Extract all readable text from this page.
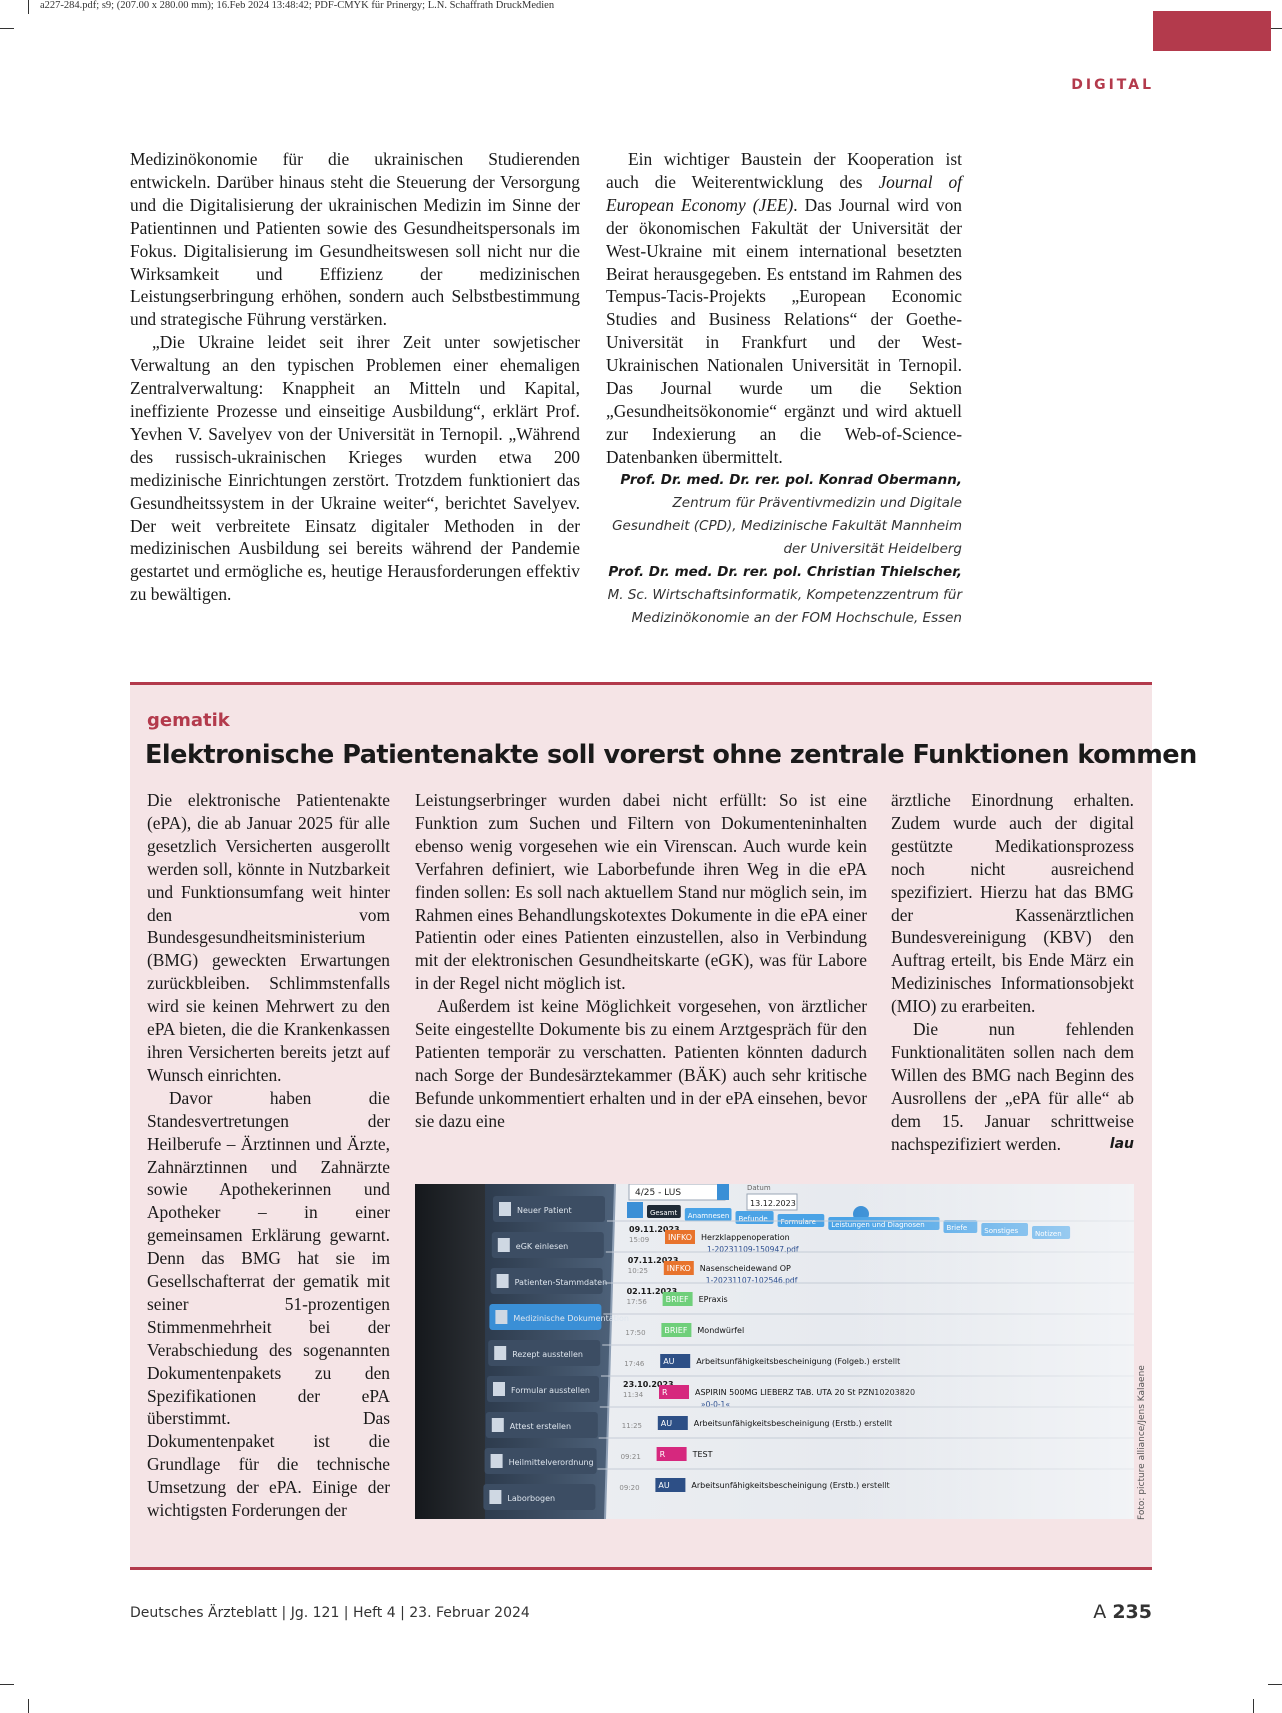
a227-284.pdf; s9; (207.00 x 280.00 mm); 16.Feb 2024 13:48:42; PDF-CMYK für Prinergy; L.N. Schaffrath DruckMedien
DIGITAL

Medizinökonomie für die ukrainischen Studierenden entwickeln. Darüber hinaus steht die Steuerung der Versorgung und die Digitalisierung der ukrainischen Medizin im Sinne der Patientinnen und Patienten sowie des Gesundheitspersonals im Fokus. Digitalisierung im Gesundheitswesen soll nicht nur die Wirksamkeit und Effizienz der medizinischen Leistungserbringung erhöhen, sondern auch Selbstbestimmung und strategische Führung verstärken.

„Die Ukraine leidet seit ihrer Zeit unter sowjetischer Verwaltung an den typischen Problemen einer ehemaligen Zentralverwaltung: Knappheit an Mitteln und Kapital, ineffiziente Prozesse und einseitige Ausbildung“, erklärt Prof. Yevhen V. Savelyev von der Universität in Ternopil. „Während des russisch-ukrainischen Krieges wurden etwa 200 medizinische Einrichtungen zerstört. Trotzdem funktioniert das Gesundheitssystem in der Ukraine weiter“, berichtet Savelyev. Der weit verbreitete Einsatz digitaler Methoden in der medizinischen Ausbildung sei bereits während der Pandemie gestartet und ermögliche es, heutige Herausforderungen effektiv zu bewältigen.

Ein wichtiger Baustein der Kooperation ist auch die Weiterentwicklung des Journal of European Economy (JEE). Das Journal wird von der ökonomischen Fakultät der Universität der West-Ukraine mit einem international besetzten Beirat herausgegeben. Es entstand im Rahmen des Tempus-Tacis-Projekts „European Economic Studies and Business Relations“ der Goethe-Universität in Frankfurt und der West-Ukrainischen Nationalen Universität in Ternopil. Das Journal wurde um die Sektion „Gesundheitsökonomie“ ergänzt und wird aktuell zur Indexierung an die Web-of-Science-Datenbanken übermittelt.

Prof. Dr. med. Dr. rer. pol. Konrad Obermann, Zentrum für Präventivmedizin und Digitale Gesundheit (CPD), Medizinische Fakultät Mannheim der Universität Heidelberg
Prof. Dr. med. Dr. rer. pol. Christian Thielscher, M. Sc. Wirtschaftsinformatik, Kompetenzzentrum für Medizinökonomie an der FOM Hochschule, Essen
gematik
Elektronische Patientenakte soll vorerst ohne zentrale Funktionen kommen

Die elektronische Patientenakte (ePA), die ab Januar 2025 für alle gesetzlich Versicherten ausgerollt werden soll, könnte in Nutzbarkeit und Funktionsumfang weit hinter den vom Bundesgesundheitsministerium (BMG) geweckten Erwartungen zurückbleiben. Schlimmstenfalls wird sie keinen Mehrwert zu den ePA bieten, die die Krankenkassen ihren Versicherten bereits jetzt auf Wunsch einrichten.

Davor haben die Standesvertretungen der Heilberufe – Ärztinnen und Ärzte, Zahnärztinnen und Zahnärzte sowie Apothekerinnen und Apotheker – in einer gemeinsamen Erklärung gewarnt. Denn das BMG hat sie im Gesellschafterrat der gematik mit seiner 51-prozentigen Stimmenmehrheit bei der Verabschiedung des sogenannten Dokumentenpakets zu den Spezifikationen der ePA überstimmt. Das Dokumentenpaket ist die Grundlage für die technische Umsetzung der ePA. Einige der wichtigsten Forderungen der

Leistungserbringer wurden dabei nicht erfüllt: So ist eine Funktion zum Suchen und Filtern von Dokumenteninhalten ebenso wenig vorgesehen wie ein Virenscan. Auch wurde kein Verfahren definiert, wie Laborbefunde ihren Weg in die ePA finden sollen: Es soll nach aktuellem Stand nur möglich sein, im Rahmen eines Behandlungskotextes Dokumente in die ePA einer Patientin oder eines Patienten einzustellen, also in Verbindung mit der elektronischen Gesundheitskarte (eGK), was für Labore in der Regel nicht möglich ist.

Außerdem ist keine Möglichkeit vorgesehen, von ärztlicher Seite eingestellte Dokumente bis zu einem Arztgespräch für den Patienten temporär zu verschatten. Patienten könnten dadurch nach Sorge der Bundesärztekammer (BÄK) auch sehr kritische Befunde unkommentiert erhalten und in der ePA einsehen, bevor sie dazu eine

ärztliche Einordnung erhalten. Zudem wurde auch der digital gestützte Medikationsprozess noch nicht ausreichend spezifiziert. Hierzu hat das BMG der Kassenärztlichen Bundesvereinigung (KBV) den Auftrag erteilt, bis Ende März ein Medizinisches Informationsobjekt (MIO) zu erarbeiten.

Die nun fehlenden Funktionalitäten sollen nach dem Willen des BMG nach Beginn des Ausrollens der „ePA für alle“ ab dem 15. Januar schrittweise nachspezifiziert werden.	lau

Foto: picture alliance/Jens Kalaene
Deutsches Ärzteblatt | Jg. 121 | Heft 4 | 23. Februar 2024	A 235
